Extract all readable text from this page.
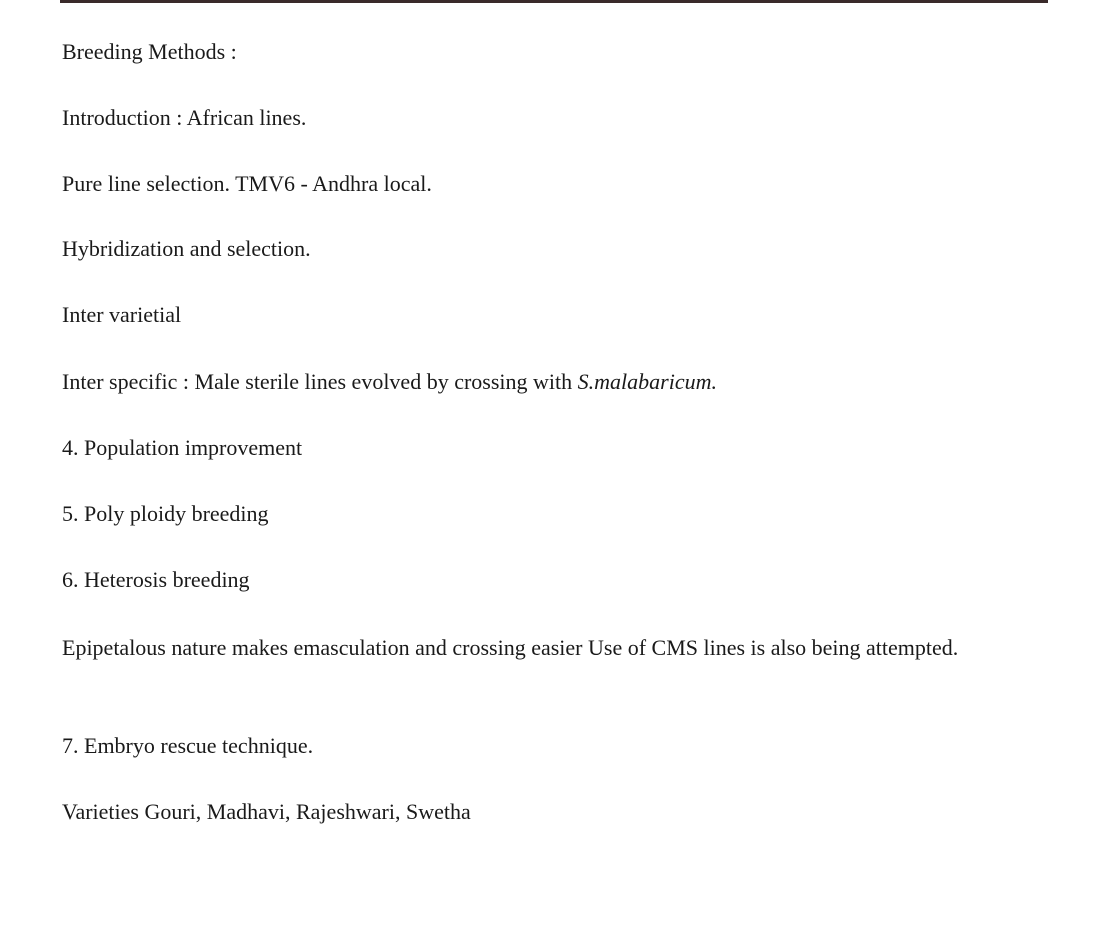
Breeding Methods :

Introduction : African lines.

Pure line selection. TMV6 - Andhra local.

Hybridization and selection.

Inter varietial

Inter specific : Male sterile lines evolved by crossing with S.malabaricum.

4. Population improvement

5. Poly ploidy breeding

6. Heterosis breeding

Epipetalous nature makes emasculation and crossing easier Use of CMS lines is also being attempted.

7. Embryo rescue technique.

Varieties Gouri, Madhavi, Rajeshwari, Swetha
